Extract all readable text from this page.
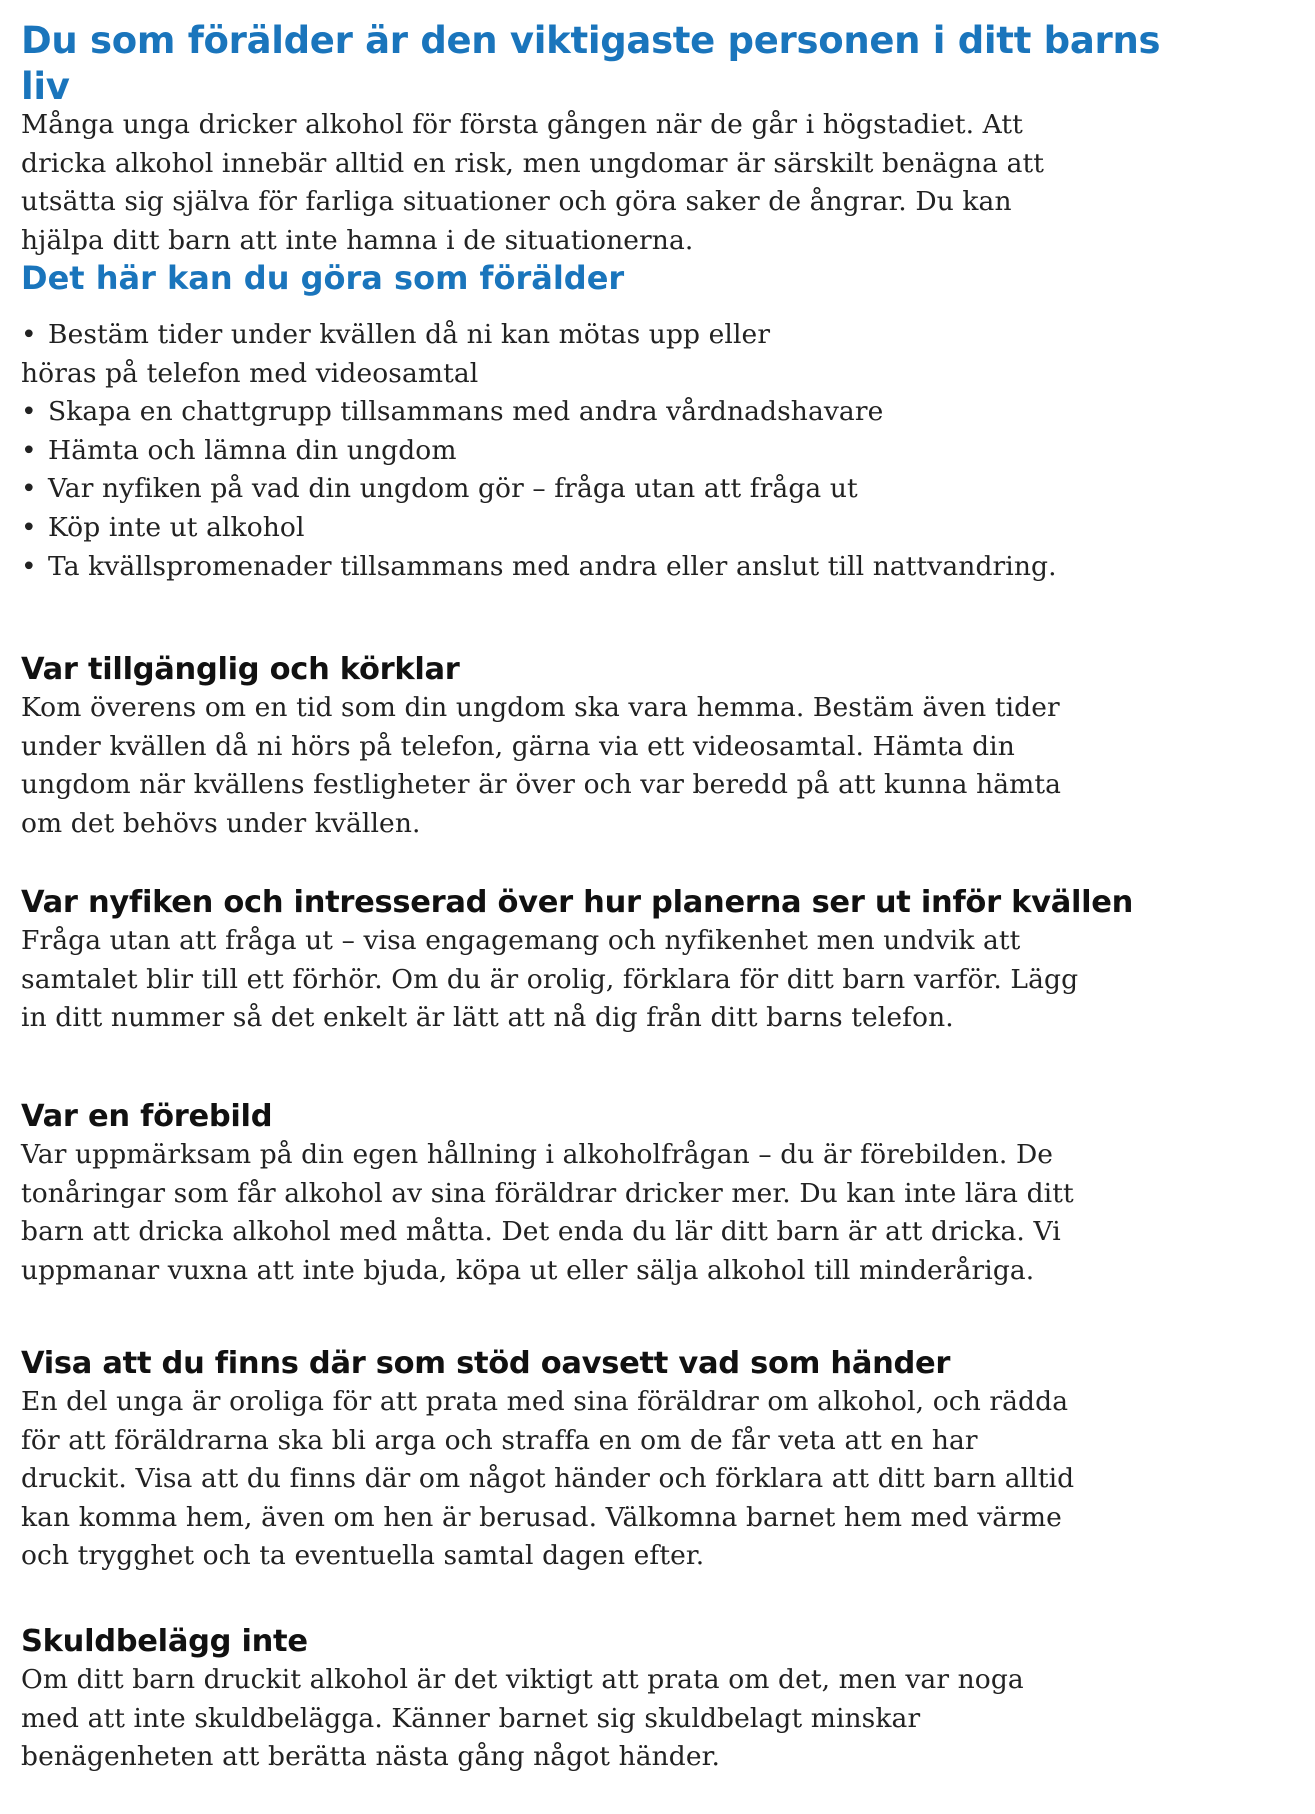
Du som förälder är den viktigaste personen i ditt barns liv
Många unga dricker alkohol för första gången när de går i högstadiet. Att
dricka alkohol innebär alltid en risk, men ungdomar är särskilt benägna att
utsätta sig själva för farliga situationer och göra saker de ångrar. Du kan
hjälpa ditt barn att inte hamna i de situationerna.
Det här kan du göra som förälder
• Bestäm tider under kvällen då ni kan mötas upp eller
höras på telefon med videosamtal
• Skapa en chattgrupp tillsammans med andra vårdnadshavare
• Hämta och lämna din ungdom
• Var nyfiken på vad din ungdom gör – fråga utan att fråga ut
• Köp inte ut alkohol
• Ta kvällspromenader tillsammans med andra eller anslut till nattvandring.
Var tillgänglig och körklar
Kom överens om en tid som din ungdom ska vara hemma. Bestäm även tider
under kvällen då ni hörs på telefon, gärna via ett videosamtal. Hämta din
ungdom när kvällens festligheter är över och var beredd på att kunna hämta
om det behövs under kvällen.
Var nyfiken och intresserad över hur planerna ser ut inför kvällen
Fråga utan att fråga ut – visa engagemang och nyfikenhet men undvik att
samtalet blir till ett förhör. Om du är orolig, förklara för ditt barn varför. Lägg
in ditt nummer så det enkelt är lätt att nå dig från ditt barns telefon.
Var en förebild
Var uppmärksam på din egen hållning i alkoholfrågan – du är förebilden. De
tonåringar som får alkohol av sina föräldrar dricker mer. Du kan inte lära ditt
barn att dricka alkohol med måtta. Det enda du lär ditt barn är att dricka. Vi
uppmanar vuxna att inte bjuda, köpa ut eller sälja alkohol till minderåriga.
Visa att du finns där som stöd oavsett vad som händer
En del unga är oroliga för att prata med sina föräldrar om alkohol, och rädda
för att föräldrarna ska bli arga och straffa en om de får veta att en har
druckit. Visa att du finns där om något händer och förklara att ditt barn alltid
kan komma hem, även om hen är berusad. Välkomna barnet hem med värme
och trygghet och ta eventuella samtal dagen efter.
Skuldbelägg inte
Om ditt barn druckit alkohol är det viktigt att prata om det, men var noga
med att inte skuldbelägga. Känner barnet sig skuldbelagt minskar
benägenheten att berätta nästa gång något händer.
